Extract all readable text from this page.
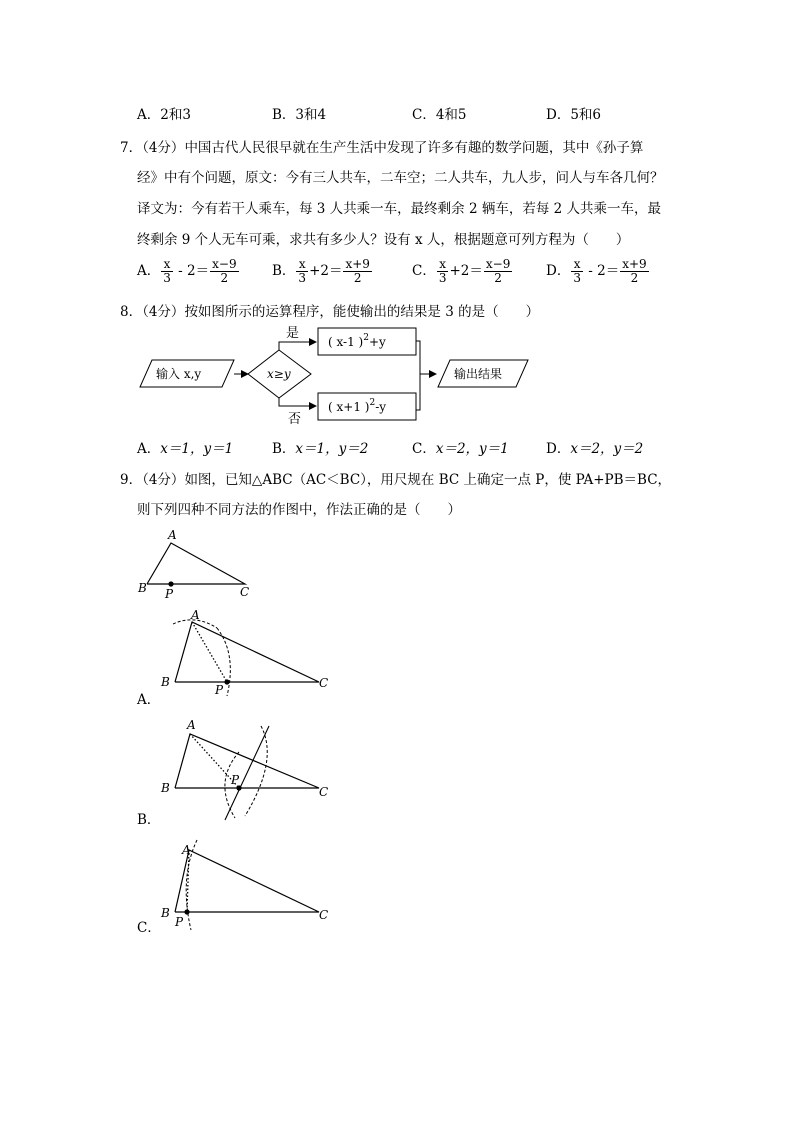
A．2和3	B．3和4	C．4和5	D．5和6
7．（4分）中国古代人民很早就在生产生活中发现了许多有趣的数学问题，其中《孙子算
经》中有个问题，原文：今有三人共车，二车空；二人共车，九人步，问人与车各几何？
译文为：今有若干人乘车，每 3 人共乘一车，最终剩余 2 辆车，若每 2 人共乘一车，最
终剩余 9 个人无车可乘，求共有多少人？设有 x 人，根据题意可列方程为（　　）
A． $\frac{x}{3} - 2= \frac{x-9}{2}$ B． $\frac{x}{3} +2= \frac{x+9}{2}$	C． $\frac{x}{3} +2= \frac{x-9}{2}$ D． $\frac{x}{3} - 2= \frac{x+9}{2}$
8．（4分）按如图所示的运算程序，能使输出的结果是 3 的是（　　）
输入 x,y	x≥y
是
( x-1 )$^2$+y
否
( x+1 )$^2$-y
输出结果
A．x＝1，y＝1	B．x＝1，y＝2	C．x＝2，y＝1	D．x＝2，y＝2
9．（4分）如图，已知△ABC（AC＜BC），用尺规在 BC 上确定一点 P，使 PA+PB＝BC，
则下列四种不同方法的作图中，作法正确的是（　　）
A
B	C
P
A
B	C
P
A．
A
B	C
P
B．
A
B	C
P
C．
